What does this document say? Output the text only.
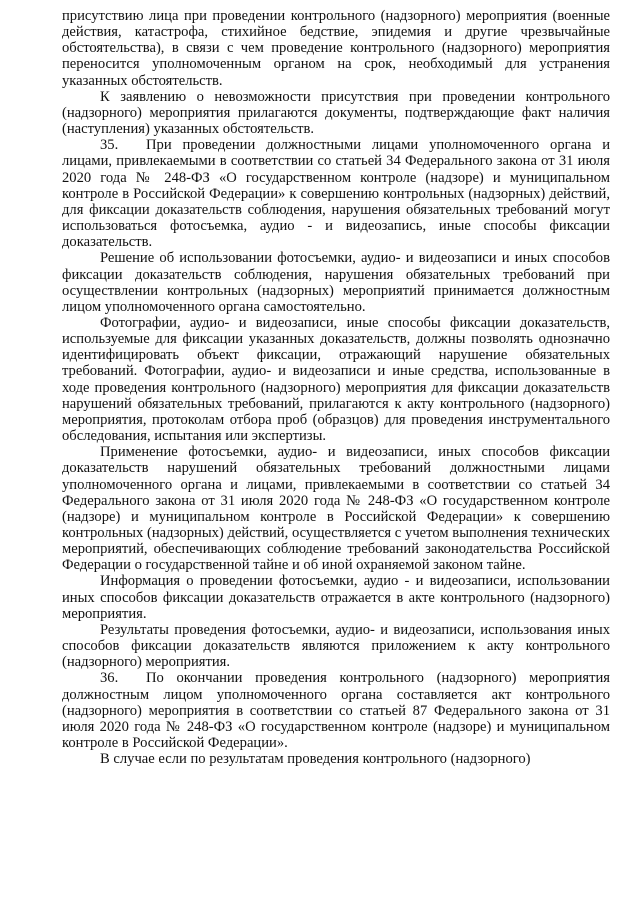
присутствию лица при проведении контрольного (надзорного) мероприятия (военные действия, катастрофа, стихийное бедствие, эпидемия и другие чрезвычайные обстоятельства), в связи с чем проведение контрольного (надзорного) мероприятия переносится уполномоченным органом на срок, необходимый для устранения указанных обстоятельств.

К заявлению о невозможности присутствия при проведении контрольного (надзорного) мероприятия прилагаются документы, подтверждающие факт наличия (наступления) указанных обстоятельств.

35. При проведении должностными лицами уполномоченного органа и лицами, привлекаемыми в соответствии со статьей 34 Федерального закона от 31 июля 2020 года № 248-ФЗ «О государственном контроле (надзоре) и муниципальном контроле в Российской Федерации» к совершению контрольных (надзорных) действий, для фиксации доказательств соблюдения, нарушения обязательных требований могут использоваться фотосъемка, аудио - и видеозапись, иные способы фиксации доказательств.

Решение об использовании фотосъемки, аудио- и видеозаписи и иных способов фиксации доказательств соблюдения, нарушения обязательных требований при осуществлении контрольных (надзорных) мероприятий принимается должностным лицом уполномоченного органа самостоятельно.

Фотографии, аудио- и видеозаписи, иные способы фиксации доказательств, используемые для фиксации указанных доказательств, должны позволять однозначно идентифицировать объект фиксации, отражающий нарушение обязательных требований. Фотографии, аудио- и видеозаписи и иные средства, использованные в ходе проведения контрольного (надзорного) мероприятия для фиксации доказательств нарушений обязательных требований, прилагаются к акту контрольного (надзорного) мероприятия, протоколам отбора проб (образцов) для проведения инструментального обследования, испытания или экспертизы.

Применение фотосъемки, аудио- и видеозаписи, иных способов фиксации доказательств нарушений обязательных требований должностными лицами уполномоченного органа и лицами, привлекаемыми в соответствии со статьей 34 Федерального закона от 31 июля 2020 года № 248-ФЗ «О государственном контроле (надзоре) и муниципальном контроле в Российской Федерации» к совершению контрольных (надзорных) действий, осуществляется с учетом выполнения технических мероприятий, обеспечивающих соблюдение требований законодательства Российской Федерации о государственной тайне и об иной охраняемой законом тайне.

Информация о проведении фотосъемки, аудио - и видеозаписи, использовании иных способов фиксации доказательств отражается в акте контрольного (надзорного) мероприятия.

Результаты проведения фотосъемки, аудио- и видеозаписи, использования иных способов фиксации доказательств являются приложением к акту контрольного (надзорного) мероприятия.

36. По окончании проведения контрольного (надзорного) мероприятия должностным лицом уполномоченного органа составляется акт контрольного (надзорного) мероприятия в соответствии со статьей 87 Федерального закона от 31 июля 2020 года № 248-ФЗ «О государственном контроле (надзоре) и муниципальном контроле в Российской Федерации».

В случае если по результатам проведения контрольного (надзорного)
